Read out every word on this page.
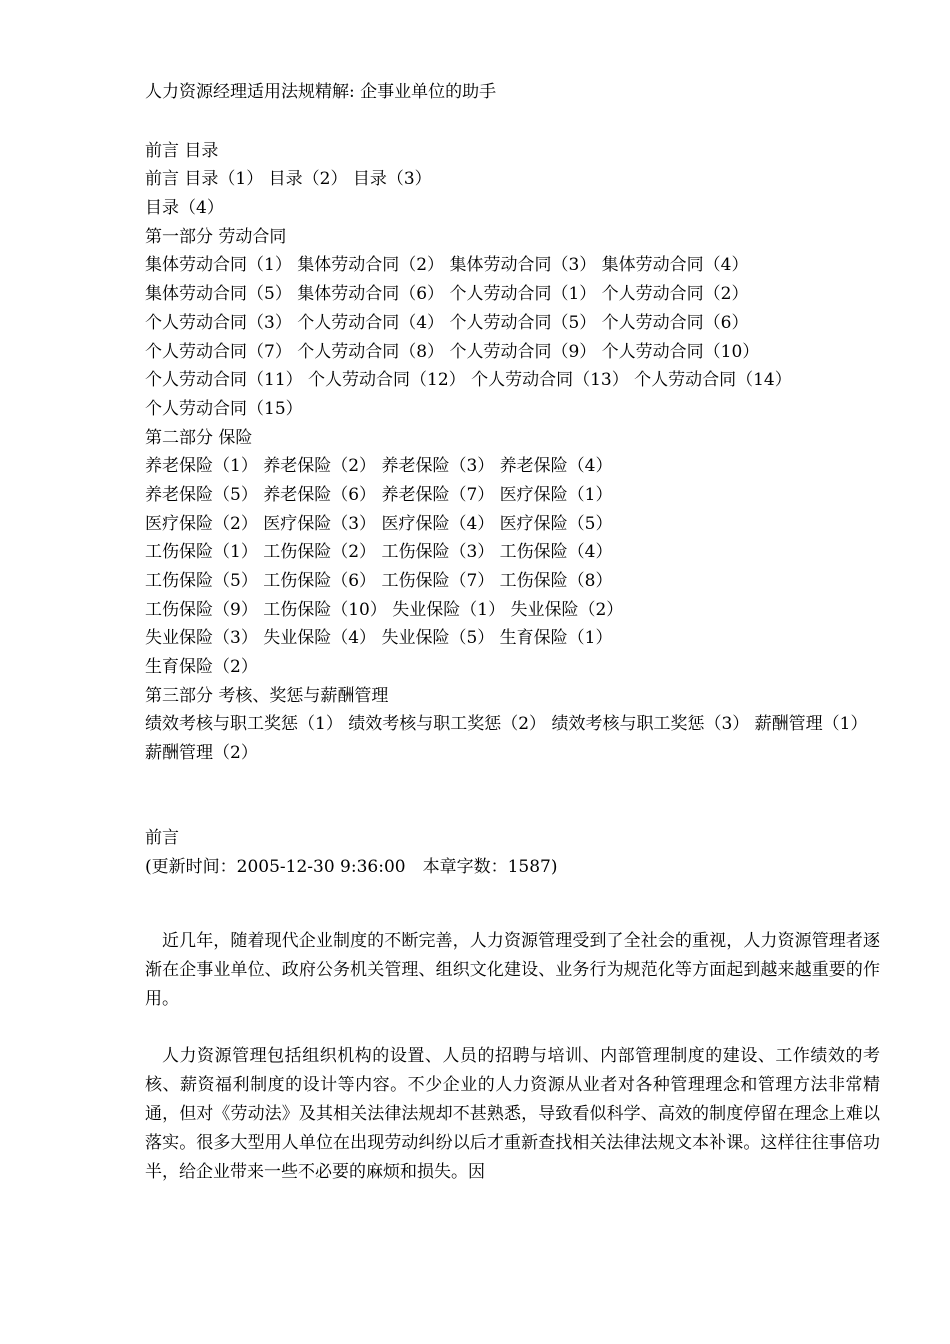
人力资源经理适用法规精解: 企事业单位的助手
前言 目录
前言 目录（1） 目录（2） 目录（3）
目录（4）
第一部分 劳动合同
集体劳动合同（1） 集体劳动合同（2） 集体劳动合同（3） 集体劳动合同（4）
集体劳动合同（5） 集体劳动合同（6） 个人劳动合同（1） 个人劳动合同（2）
个人劳动合同（3） 个人劳动合同（4） 个人劳动合同（5） 个人劳动合同（6）
个人劳动合同（7） 个人劳动合同（8） 个人劳动合同（9） 个人劳动合同（10）
个人劳动合同（11） 个人劳动合同（12） 个人劳动合同（13） 个人劳动合同（14）
个人劳动合同（15）
第二部分 保险
养老保险（1） 养老保险（2） 养老保险（3） 养老保险（4）
养老保险（5） 养老保险（6） 养老保险（7） 医疗保险（1）
医疗保险（2） 医疗保险（3） 医疗保险（4） 医疗保险（5）
工伤保险（1） 工伤保险（2） 工伤保险（3） 工伤保险（4）
工伤保险（5） 工伤保险（6） 工伤保险（7） 工伤保险（8）
工伤保险（9） 工伤保险（10） 失业保险（1） 失业保险（2）
失业保险（3） 失业保险（4） 失业保险（5） 生育保险（1）
生育保险（2）
第三部分 考核、奖惩与薪酬管理
绩效考核与职工奖惩（1） 绩效考核与职工奖惩（2） 绩效考核与职工奖惩（3） 薪酬管理（1）
薪酬管理（2）
前言
(更新时间：2005-12-30 9:36:00　本章字数：1587)
近几年，随着现代企业制度的不断完善，人力资源管理受到了全社会的重视，人力资源管理者逐渐在企事业单位、政府公务机关管理、组织文化建设、业务行为规范化等方面起到越来越重要的作用。
人力资源管理包括组织机构的设置、人员的招聘与培训、内部管理制度的建设、工作绩效的考核、薪资福利制度的设计等内容。不少企业的人力资源从业者对各种管理理念和管理方法非常精通，但对《劳动法》及其相关法律法规却不甚熟悉，导致看似科学、高效的制度停留在理念上难以落实。很多大型用人单位在出现劳动纠纷以后才重新查找相关法律法规文本补课。这样往往事倍功半，给企业带来一些不必要的麻烦和损失。因
